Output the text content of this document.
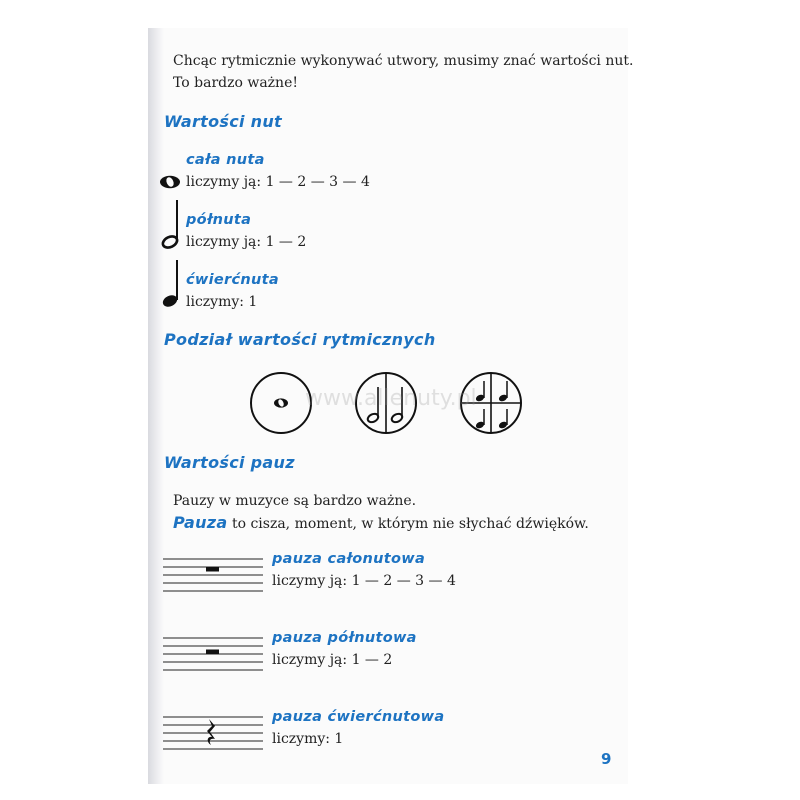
Chcąc rytmicznie wykonywać utwory, musimy znać wartości nut.
To bardzo ważne!
Wartości nut
cała nuta
liczymy ją: 1 — 2 — 3 — 4
półnuta
liczymy ją: 1 — 2
ćwierćnuta
liczymy: 1
Podział wartości rytmicznych
www.allenuty.pl
Wartości pauz
Pauzy w muzyce są bardzo ważne.
Pauza to cisza, moment, w którym nie słychać dźwięków.
pauza całonutowa
liczymy ją: 1 — 2 — 3 — 4
pauza półnutowa
liczymy ją: 1 — 2
pauza ćwierćnutowa
liczymy: 1
9
